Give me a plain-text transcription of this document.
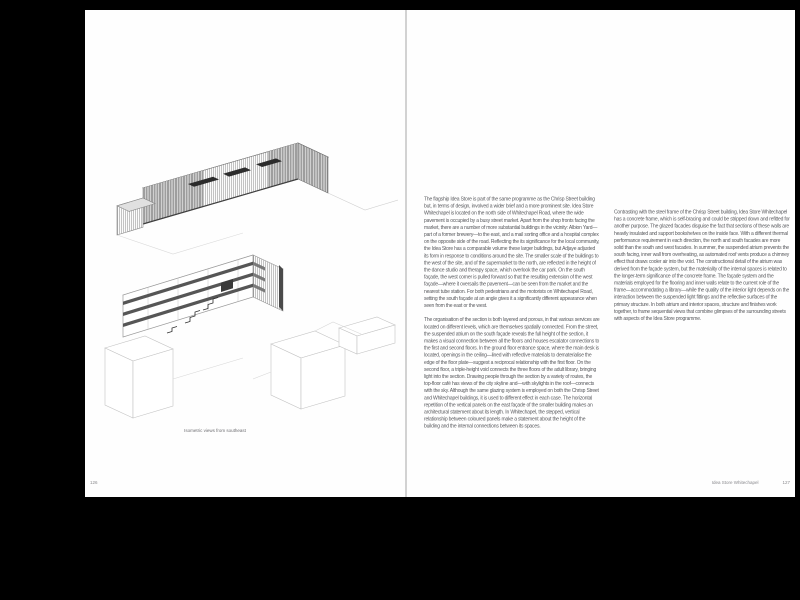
Isometric views from southeast
126

The flagship Idea Store is part of the same programme as the Chrisp Street building but, in terms of design, involved a wider brief and a more prominent site. Idea Store Whitechapel is located on the north side of Whitechapel Road, where the wide pavement is occupied by a busy street market. Apart from the shop fronts facing the market, there are a number of more substantial buildings in the vicinity: Albion Yard—part of a former brewery—to the east, and a mail sorting office and a hospital complex on the opposite side of the road. Reflecting the its significance for the local community, the Idea Store has a comparable volume these larger buildings, but Adjaye adjusted its form in response to conditions around the site. The smaller scale of the buildings to the west of the site, and of the supermarket to the north, are reflected in the height of the dance studio and therapy space, which overlook the car park. On the south façade, the west corner is pulled forward so that the resulting extension of the west façade—where it oversails the pavement—can be seen from the market and the nearest tube station. For both pedestrians and the motorists on Whitechapel Road, setting the south façade at an angle gives it a significantly different appearance when seen from the east or the west.

The organisation of the section is both layered and porous, in that various services are located on different levels, which are themselves spatially connected. From the street, the suspended atrium on the south façade reveals the full height of the section, it makes a visual connection between all the floors and houses escalator connections to the first and second floors. In the ground floor entrance space, where the main desk is located, openings in the ceiling—lined with reflective materials to dematerialise the edge of the floor plate—suggest a reciprocal relationship with the first floor. On the second floor, a triple-height void connects the three floors of the adult library, bringing light into the section. Drawing people through the section by a variety of routes, the top-floor café has views of the city skyline and—with skylights in the roof—connects with the sky. Although the same glazing system is employed on both the Chrisp Street and Whitechapel buildings, it is used to different effect in each case. The horizontal repetition of the vertical panels on the east façade of the smaller building makes an architectural statement about its length. In Whitechapel, the stepped, vertical relationship between coloured panels make a statement about the height of the building and the internal connections between its spaces.

Contrasting with the steel frame of the Chrisp Street building, Idea Store Whitechapel has a concrete frame, which is self-bracing and could be stripped down and refitted for another purpose. The glazed facades disguise the fact that sections of these walls are heavily insulated and support bookshelves on the inside face. With a different thermal performance requirement in each direction, the north and south facades are more solid than the south and west facades. In summer, the suspended atrium prevents the south facing, inner wall from overheating, as automated roof vents produce a chimney effect that draws cooler air into the void. The constructional detail of the atrium was derived from the façade system, but the materiality of the internal spaces is related to the longer-term significance of the concrete frame. The façade system and the materials employed for the flooring and inner walls relate to the current role of the frame—accommodating a library—while the quality of the interior light depends on the interaction between the suspended light fittings and the reflective surfaces of the primary structure. In both atrium and interior spaces, structure and finishes work together, to frame sequential views that combine glimpses of the surrounding streets with aspects of the Idea Store programme.

Idea Store Whitechapel	127
